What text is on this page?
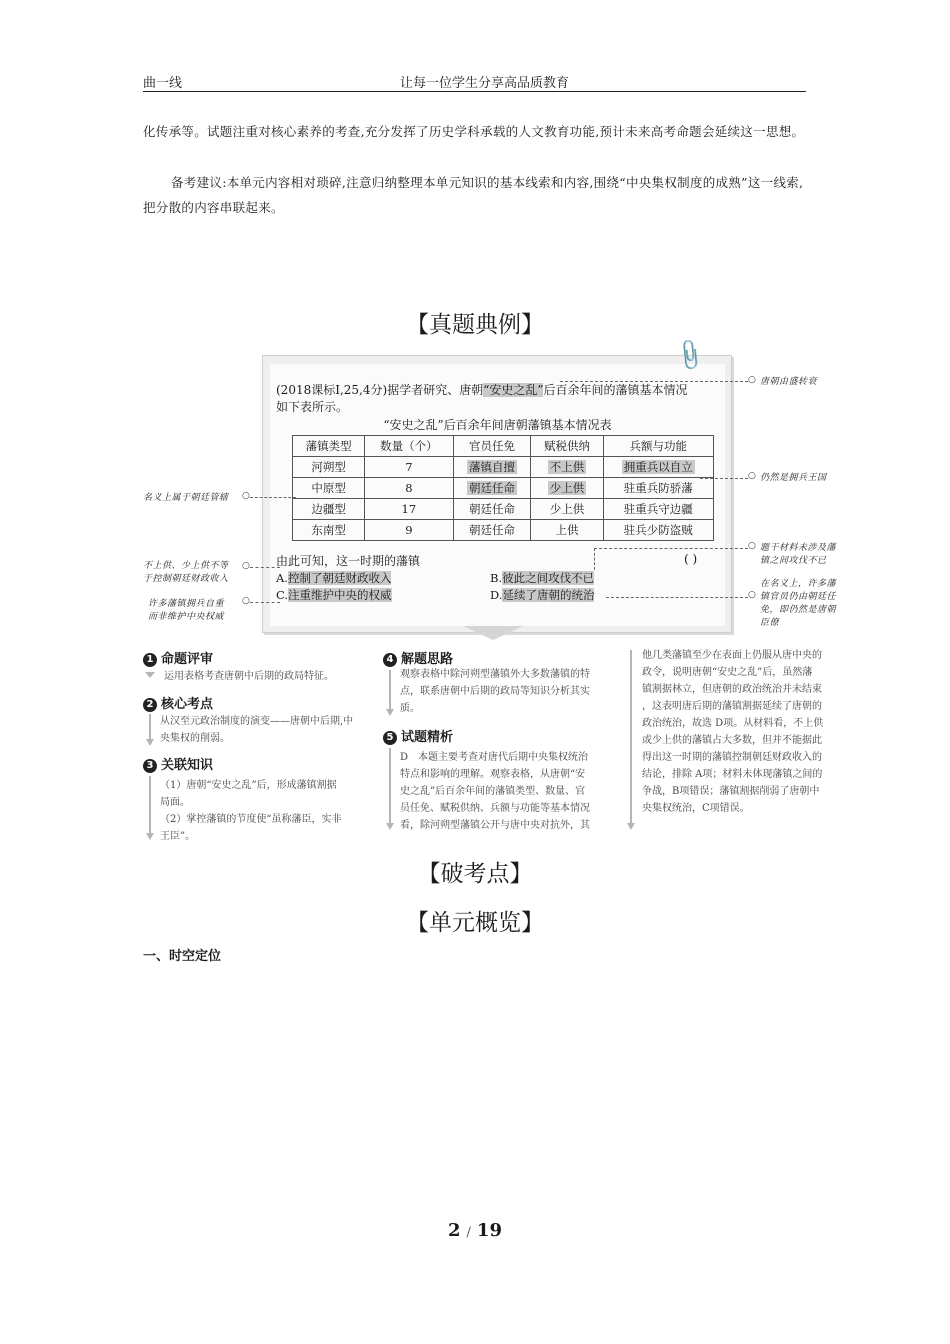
曲一线	让每一位学生分享高品质教育
化传承等。试题注重对核心素养的考查,充分发挥了历史学科承载的人文教育功能,预计未来高考命题会延续这一思想。
备考建议:本单元内容相对琐碎,注意归纳整理本单元知识的基本线索和内容,围绕“中央集权制度的成熟”这一线索,把分散的内容串联起来。
【真题典例】
📎
(2018课标Ⅰ,25,4分)据学者研究、唐朝“安史之乱”后百余年间的藩镇基本情况
如下表所示。
“安史之乱”后百余年间唐朝藩镇基本情况表
藩镇类型	数量（个）	官员任免	赋税供纳	兵额与功能
河朔型	7	藩镇自擅	不上供	拥重兵以自立
中原型	8	朝廷任命	少上供	驻重兵防骄藩
边疆型	17	朝廷任命	少上供	驻重兵守边疆
东南型	9	朝廷任命	上供	驻兵少防盗贼
由此可知，这一时期的藩镇	( )
A.控制了朝廷财政收入	B.彼此之间攻伐不已
C.注重维护中央的权威	D.延续了唐朝的统治
○ 唐朝由盛转衰
○ 仍然是拥兵王国
○ 题干材料未涉及藩
镇之间攻伐不已
○
在名义上，许多藩
镇官员仍由朝廷任
免，即仍然是唐朝
臣僚
名义上属于朝廷管辖 ○
不上供、少上供不等
于控制朝廷财政收入
○
许多藩镇拥兵自重
而非维护中央权威
○
1 命题评审
运用表格考查唐朝中后期的政局特征。
2 核心考点
从汉至元政治制度的演变——唐朝中后期,中
央集权的削弱。
3 关联知识
（1）唐朝“安史之乱”后，形成藩镇割据
局面。
（2）掌控藩镇的节度使“虽称藩臣，实非
王臣”。
4 解题思路
观察表格中除河朔型藩镇外大多数藩镇的特
点，联系唐朝中后期的政局等知识分析其实
质。
5 试题精析
D　本题主要考查对唐代后期中央集权统治
特点和影响的理解。观察表格，从唐朝“安
史之乱”后百余年间的藩镇类型、数量、官
员任免、赋税供纳、兵额与功能等基本情况
看，除河朔型藩镇公开与唐中央对抗外，其
他几类藩镇至少在表面上仍服从唐中央的
政令，说明唐朝“安史之乱”后，虽然藩
镇割据林立，但唐朝的政治统治并未结束
，这表明唐后期的藩镇割据延续了唐朝的
政治统治，故选 D项。从材料看，不上供
或少上供的藩镇占大多数，但并不能据此
得出这一时期的藩镇控制朝廷财政收入的
结论，排除 A项；材料未体现藩镇之间的
争战，B项错误；藩镇割据削弱了唐朝中
央集权统治，C项错误。
【破考点】
【单元概览】
一、时空定位
2 / 19
